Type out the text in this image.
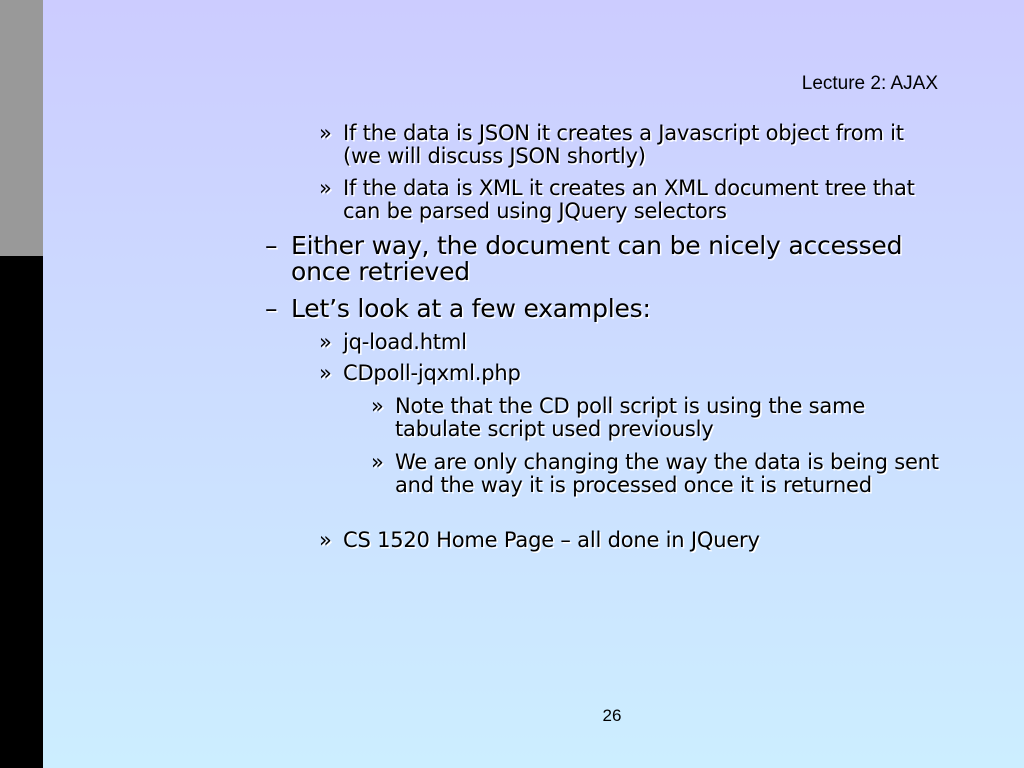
Lecture 2: AJAX
» If the data is JSON it creates a Javascript object from it (we will discuss JSON shortly)
» If the data is XML it creates an XML document tree that can be parsed using JQuery selectors
– Either way, the document can be nicely accessed once retrieved
– Let’s look at a few examples:
» jq-load.html
» CDpoll-jqxml.php
» Note that the CD poll script is using the same tabulate script used previously
» We are only changing the way the data is being sent and the way it is processed once it is returned
» CS 1520 Home Page – all done in JQuery
26
